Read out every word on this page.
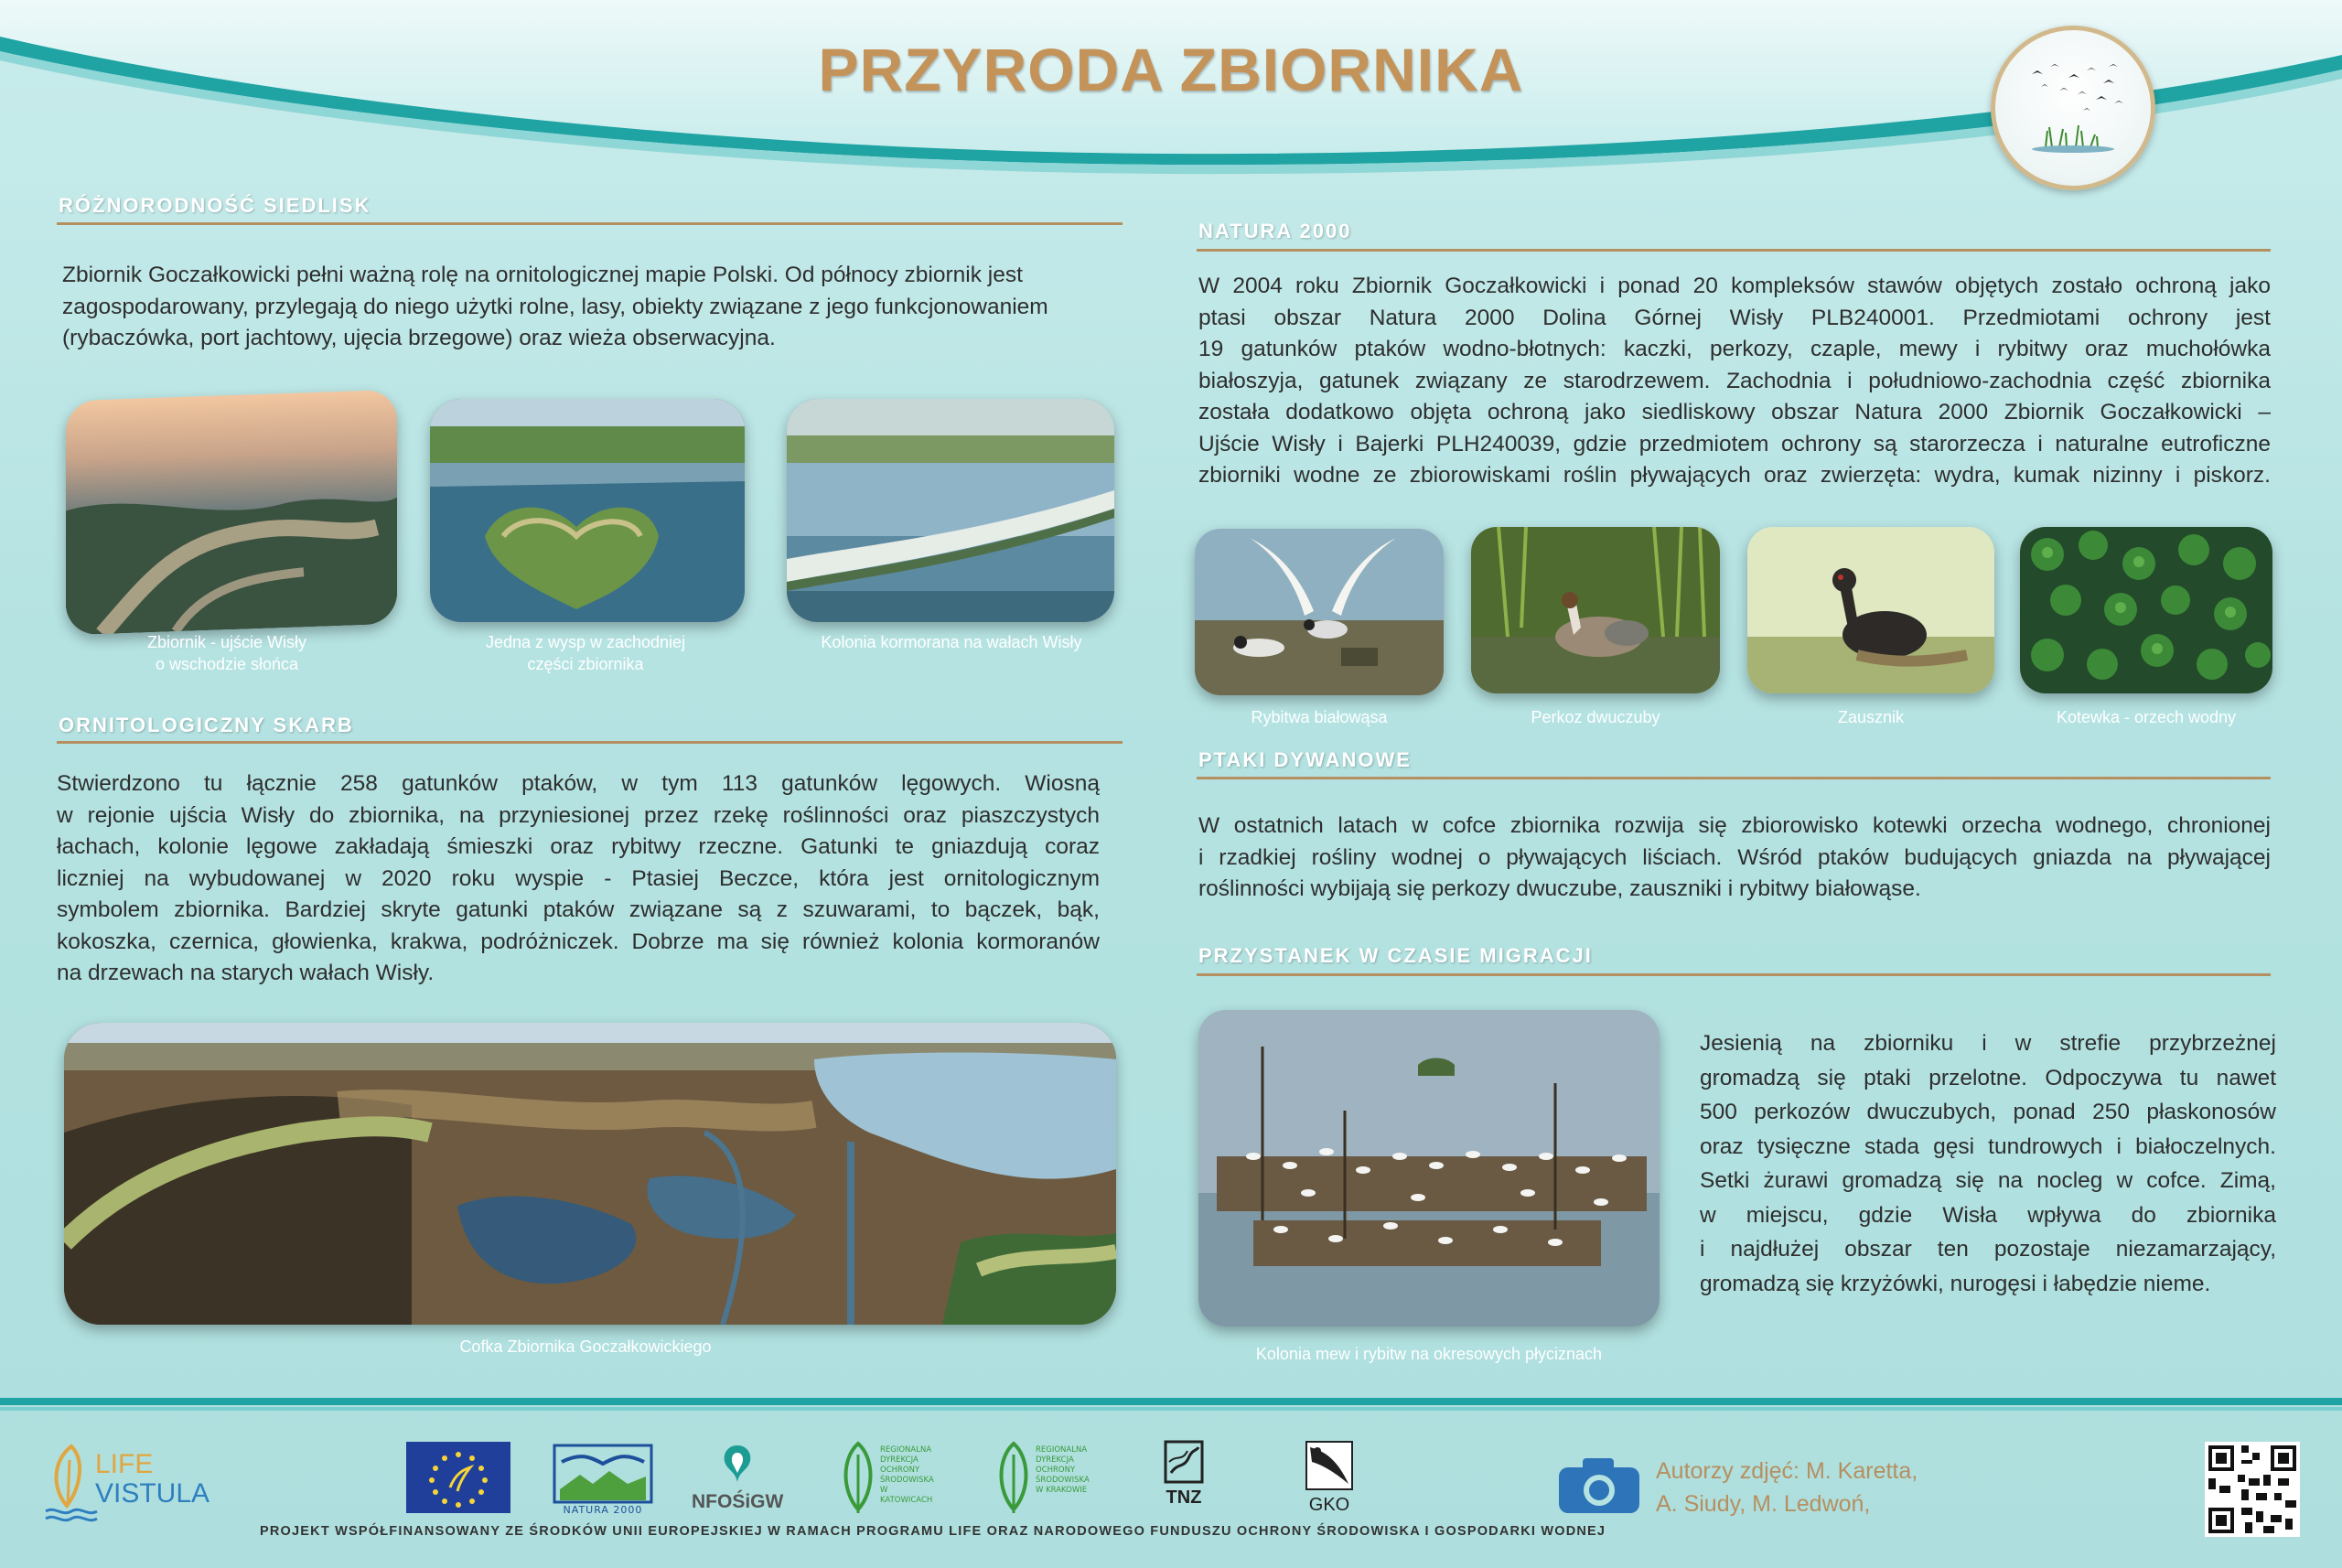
PRZYRODA ZBIORNIKA
RÓŻNORODNOŚĆ SIEDLISK
Zbiornik Goczałkowicki pełni ważną rolę na ornitologicznej mapie Polski. Od północy zbiornik jest
zagospodarowany, przylegają do niego użytki rolne, lasy, obiekty związane z jego funkcjonowaniem
(rybaczówka, port jachtowy, ujęcia brzegowe) oraz wieża obserwacyjna.
Zbiornik - ujście Wisły
o wschodzie słońca
Jedna z wysp w zachodniej
części zbiornika
Kolonia kormorana na wałach Wisły
ORNITOLOGICZNY SKARB
Stwierdzono tu łącznie 258 gatunków ptaków, w tym 113 gatunków lęgowych. Wiosną
w rejonie ujścia Wisły do zbiornika, na przyniesionej przez rzekę roślinności oraz piaszczystych
łachach, kolonie lęgowe zakładają śmieszki oraz rybitwy rzeczne. Gatunki te gniazdują coraz
liczniej na wybudowanej w 2020 roku wyspie - Ptasiej Beczce, która jest ornitologicznym
symbolem zbiornika. Bardziej skryte gatunki ptaków związane są z szuwarami, to bączek, bąk,
kokoszka, czernica, głowienka, krakwa, podróżniczek. Dobrze ma się również kolonia kormoranów
na drzewach na starych wałach Wisły.
Cofka Zbiornika Goczałkowickiego
NATURA 2000
W 2004 roku Zbiornik Goczałkowicki i ponad 20 kompleksów stawów objętych zostało ochroną jako
ptasi obszar Natura 2000 Dolina Górnej Wisły PLB240001. Przedmiotami ochrony jest
19 gatunków ptaków wodno-błotnych: kaczki, perkozy, czaple, mewy i rybitwy oraz muchołówka
białoszyja, gatunek związany ze starodrzewem. Zachodnia i południowo-zachodnia część zbiornika
została dodatkowo objęta ochroną jako siedliskowy obszar Natura 2000 Zbiornik Goczałkowicki –
Ujście Wisły i Bajerki PLH240039, gdzie przedmiotem ochrony są starorzecza i naturalne eutroficzne
zbiorniki wodne ze zbiorowiskami roślin pływających oraz zwierzęta: wydra, kumak nizinny i piskorz.
Rybitwa białowąsa	Perkoz dwuczuby	Zausznik	Kotewka - orzech wodny
PTAKI DYWANOWE
W ostatnich latach w cofce zbiornika rozwija się zbiorowisko kotewki orzecha wodnego, chronionej
i rzadkiej rośliny wodnej o pływających liściach. Wśród ptaków budujących gniazda na pływającej
roślinności wybijają się perkozy dwuczube, zauszniki i rybitwy białowąse.
PRZYSTANEK W CZASIE MIGRACJI
Kolonia mew i rybitw na okresowych płyciznach
Jesienią na zbiorniku i w strefie przybrzeżnej
gromadzą się ptaki przelotne. Odpoczywa tu nawet
500 perkozów dwuczubych, ponad 250 płaskonosów
oraz tysięczne stada gęsi tundrowych i białoczelnych.
Setki żurawi gromadzą się na nocleg w cofce. Zimą,
w miejscu, gdzie Wisła wpływa do zbiornika
i najdłużej obszar ten pozostaje niezamarzający,
gromadzą się krzyżówki, nurogęsi i łabędzie nieme.
LIFE
VISTULA
NATURA 2000	NFOŚiGW
REGIONALNA
DYREKCJA
OCHRONY
ŚRODOWISKA
W KATOWICACH
REGIONALNA
DYREKCJA
OCHRONY
ŚRODOWISKA
W KRAKOWIE	TNZ	GKO
Autorzy zdjęć: M. Karetta,
A. Siudy, M. Ledwoń,
PROJEKT WSPÓŁFINANSOWANY ZE ŚRODKÓW UNII EUROPEJSKIEJ W RAMACH PROGRAMU LIFE ORAZ NARODOWEGO FUNDUSZU OCHRONY ŚRODOWISKA I GOSPODARKI WODNEJ
